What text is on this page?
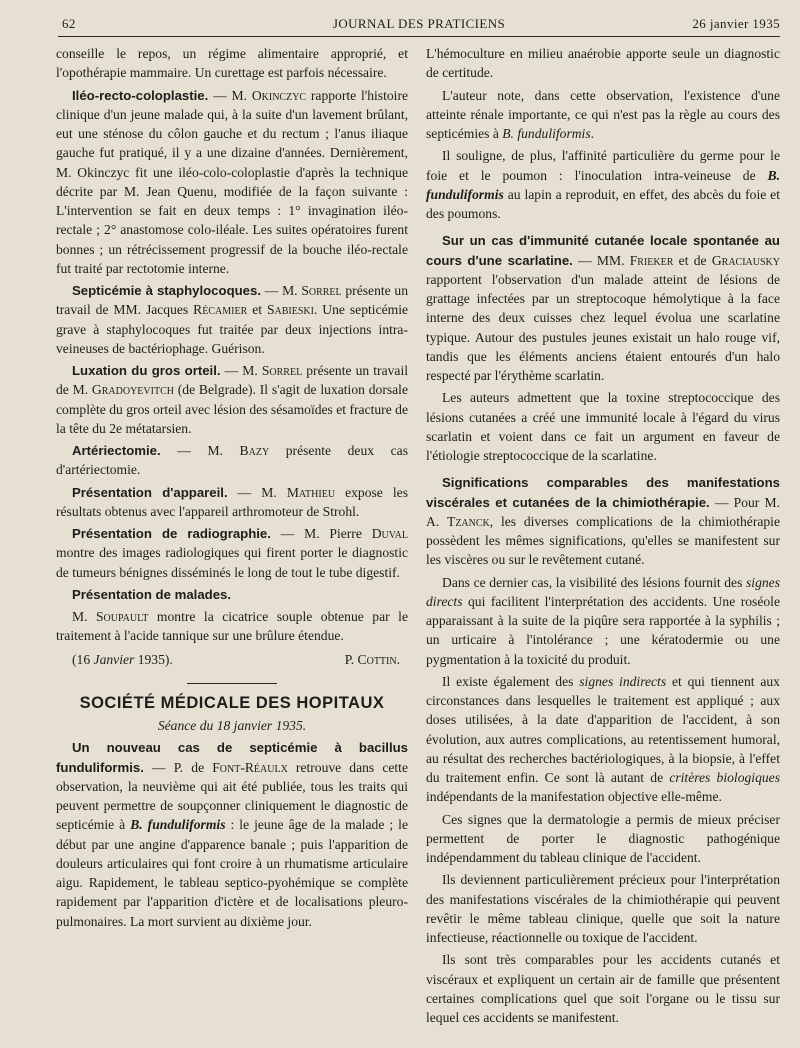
62	JOURNAL DES PRATICIENS	26 janvier 1935

conseille le repos, un régime alimentaire approprié, et l'opothérapie mammaire. Un curettage est parfois nécessaire.

Iléo-recto-coloplastie. — M. Okinczyc rapporte l'histoire clinique d'un jeune malade qui, à la suite d'un lavement brûlant, eut une sténose du côlon gauche et du rectum ; l'anus iliaque gauche fut pratiqué, il y a une dizaine d'années. Dernièrement, M. Okinczyc fit une iléo-colo-coloplastie d'après la technique décrite par M. Jean Quenu, modifiée de la façon suivante : L'intervention se fait en deux temps : 1° invagination iléo-rectale ; 2° anastomose colo-iléale. Les suites opératoires furent bonnes ; un rétrécissement progressif de la bouche iléo-rectale fut traité par rectotomie interne.

Septicémie à staphylocoques. — M. Sorrel présente un travail de MM. Jacques Récamier et Sabieski. Une septicémie grave à staphylocoques fut traitée par deux injections intra-veineuses de bactériophage. Guérison.

Luxation du gros orteil. — M. Sorrel présente un travail de M. Gradoyevitch (de Belgrade). Il s'agit de luxation dorsale complète du gros orteil avec lésion des sésamoïdes et fracture de la tête du 2e métatarsien.

Artériectomie. — M. Bazy présente deux cas d'artériectomie.

Présentation d'appareil. — M. Mathieu expose les résultats obtenus avec l'appareil arthromoteur de Strohl.

Présentation de radiographie. — M. Pierre Duval montre des images radiologiques qui firent porter le diagnostic de tumeurs bénignes disséminés le long de tout le tube digestif.

Présentation de malades.

M. Soupault montre la cicatrice souple obtenue par le traitement à l'acide tannique sur une brûlure étendue.

(16 Janvier 1935).	P. Cottin.

SOCIÉTÉ MÉDICALE DES HOPITAUX

Séance du 18 janvier 1935.

Un nouveau cas de septicémie à bacillus funduliformis. — P. de Font-Réaulx retrouve dans cette observation, la neuvième qui ait été publiée, tous les traits qui peuvent permettre de soupçonner cliniquement le diagnostic de septicémie à B. funduliformis : le jeune âge de la malade ; le début par une angine d'apparence banale ; puis l'apparition de douleurs articulaires qui font croire à un rhumatisme articulaire aigu. Rapidement, le tableau septico-pyohémique se complète rapidement par l'apparition d'ictère et de localisations pleuro-pulmonaires. La mort survient au dixième jour.

L'hémoculture en milieu anaérobie apporte seule un diagnostic de certitude.

L'auteur note, dans cette observation, l'existence d'une atteinte rénale importante, ce qui n'est pas la règle au cours des septicémies à B. funduliformis.

Il souligne, de plus, l'affinité particulière du germe pour le foie et le poumon : l'inoculation intra-veineuse de B. funduliformis au lapin a reproduit, en effet, des abcès du foie et des poumons.

Sur un cas d'immunité cutanée locale spontanée au cours d'une scarlatine. — MM. Frieker et de Graciausky rapportent l'observation d'un malade atteint de lésions de grattage infectées par un streptocoque hémolytique à la face interne des deux cuisses chez lequel évolua une scarlatine typique. Autour des pustules jeunes existait un halo rouge vif, tandis que les éléments anciens étaient entourés d'un halo respecté par l'érythème scarlatin.

Les auteurs admettent que la toxine streptococcique des lésions cutanées a créé une immunité locale à l'égard du virus scarlatin et voient dans ce fait un argument en faveur de l'étiologie streptococcique de la scarlatine.

Significations comparables des manifestations viscérales et cutanées de la chimiothérapie. — Pour M. A. Tzanck, les diverses complications de la chimiothérapie possèdent les mêmes significations, qu'elles se manifestent sur les viscères ou sur le revêtement cutané.

Dans ce dernier cas, la visibilité des lésions fournit des signes directs qui facilitent l'interprétation des accidents. Une roséole apparaissant à la suite de la piqûre sera rapportée à la syphilis ; un urticaire à l'intolérance ; une kératodermie ou une pygmentation à la toxicité du produit.

Il existe également des signes indirects et qui tiennent aux circonstances dans lesquelles le traitement est appliqué ; aux doses utilisées, à la date d'apparition de l'accident, à son évolution, aux autres complications, au retentissement humoral, au résultat des recherches bactériologiques, à la biopsie, à l'effet du traitement enfin. Ce sont là autant de critères biologiques indépendants de la manifestation objective elle-même.

Ces signes que la dermatologie a permis de mieux préciser permettent de porter le diagnostic pathogénique indépendamment du tableau clinique de l'accident.

Ils deviennent particulièrement précieux pour l'interprétation des manifestations viscérales de la chimiothérapie qui peuvent revêtir le même tableau clinique, quelle que soit la nature infectieuse, réactionnelle ou toxique de l'accident.

Ils sont très comparables pour les accidents cutanés et viscéraux et expliquent un certain air de famille que présentent certaines complications quel que soit l'organe ou le tissu sur lequel ces accidents se manifestent.
